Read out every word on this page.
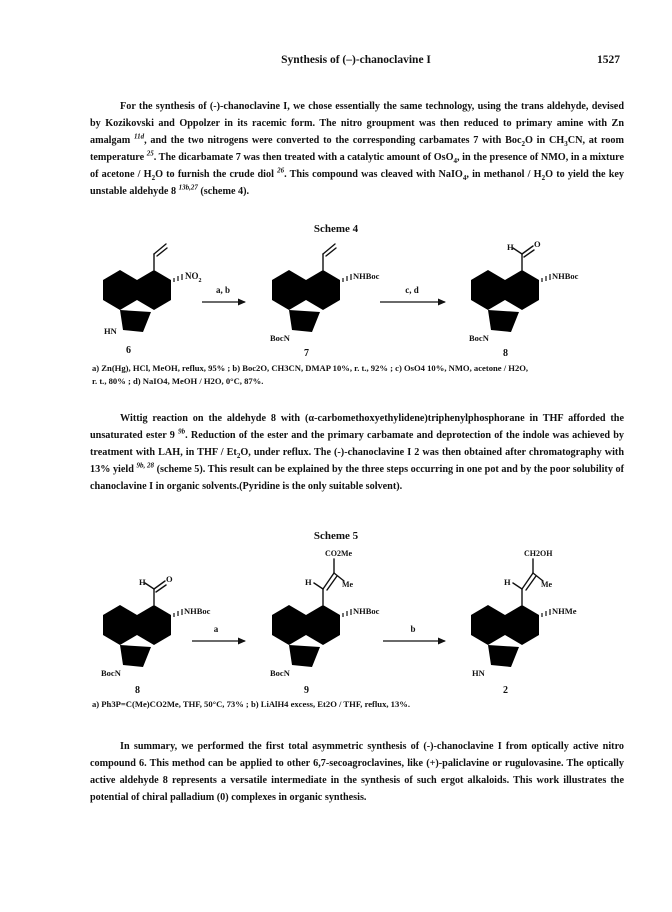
Synthesis of (–)-chanoclavine I	1527
For the synthesis of (-)-chanoclavine I, we chose essentially the same technology, using the trans aldehyde, devised by Kozikovski and Oppolzer in its racemic form. The nitro groupment was then reduced to primary amine with Zn amalgam $^{11d}$, and the two nitrogens were converted to the corresponding carbamates 7 with Boc$_2$O in $CH_3CN$, at room temperature $^{25}$. The dicarbamate 7 was then treated with a catalytic amount of OsO$_4$, in the presence of NMO, in a mixture of acetone / $H_2O$ to furnish the crude diol $^{26}$. This compound was cleaved with NaIO$_4$, in methanol / $H_2O$ to yield the key unstable aldehyde 8 $^{13b,27}$ (scheme 4).
Scheme 4
$NO_2$
HN
6
a, b
NHBoc
BocN
7
c, d
H O
NHBoc
BocN
8
a) Zn(Hg), HCl, MeOH, reflux, 95% ; b) Boc2O, CH3CN, DMAP 10%, r. t., 92% ; c) OsO4 10%, NMO, acetone / H2O,
r. t., 80% ; d) NaIO4, MeOH / H2O, 0°C, 87%.
Wittig reaction on the aldehyde 8 with (α-carbomethoxyethylidene)triphenylphosphorane in THF afforded the unsaturated ester 9 $^{9b}$. Reduction of the ester and the primary carbamate and deprotection of the indole was achieved by treatment with LAH, in THF / $Et_2O$, under reflux. The (-)-chanoclavine I 2 was then obtained after chromatography with 13% yield $^{9b, 28}$ (scheme 5). This result can be explained by the three steps occurring in one pot and by the poor solubility of chanoclavine I in organic solvents.(Pyridine is the only suitable solvent).
Scheme 5
H O
NHBoc
BocN
8
a
H
CO2Me
Me
NHBoc
BocN
9
b
H
CH2OH
Me
NHMe
HN
2
a) Ph3P=C(Me)CO2Me, THF, 50°C, 73% ; b) LiAlH4 excess, Et2O / THF, reflux, 13%.
In summary, we performed the first total asymmetric synthesis of (-)-chanoclavine I from optically active nitro compound 6. This method can be applied to other 6,7-secoagroclavines, like (+)-paliclavine or rugulovasine. The optically active aldehyde 8 represents a versatile intermediate in the synthesis of such ergot alkaloids. This work illustrates the potential of chiral palladium (0) complexes in organic synthesis.
